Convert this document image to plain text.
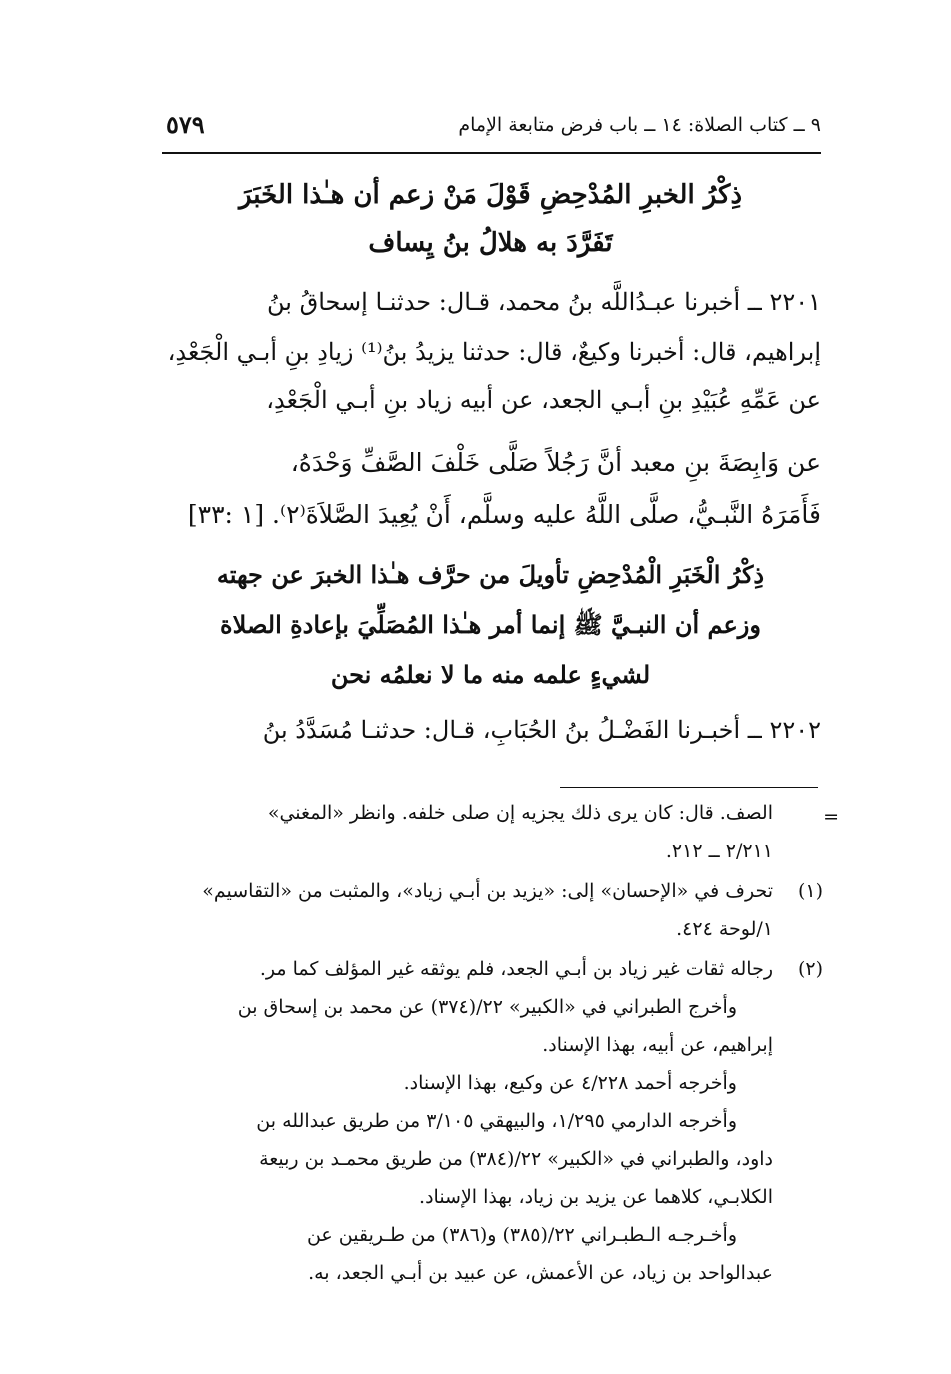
٩ ــ كتاب الصلاة: ١٤ ــ باب فرض متابعة الإمام
٥٧٩
ذِكْرُ الخبرِ المُدْحِضِ قَوْلَ مَنْ زعم أن هـٰذا الخَبَرَ
تَفَرَّدَ به هلالُ بنُ يِساف
٢٢٠١ ــ أخبرنا عبـدُاللَّه بنُ محمد، قـال: حدثنـا إسحاقُ بنُ
إبراهيم، قال: أخبرنا وكيعٌ، قال: حدثنا يزيدُ بنُ⁽¹⁾ زيادِ بنِ أبـي الْجَعْدِ،
عن عَمِّهِ عُبَيْدِ بنِ أبـي الجعد، عن أبيه زياد بنِ أبـي الْجَعْدِ،
عن وَابِصَةَ بنِ معبد أنَّ رَجُلاً صَلَّى خَلْفَ الصَّفِّ وَحْدَهُ،
فَأَمَرَهُ النَّبـيُّ، صلَّى اللَّهُ عليه وسلَّم، أَنْ يُعِيدَ الصَّلاَةَ⁽٢⁾. [١ :٣٣]
ذِكْرُ الْخَبَرِ الْمُدْحِضِ تأويلَ من حرَّف هـٰذا الخبرَ عن جهته
وزعم أن النبـيَّ ﷺ إنما أمر هـٰذا المُصَلِّيَ بإعادةِ الصلاة
لشيءٍ علمه منه ما لا نعلمُه نحن
٢٢٠٢ ــ أخبـرنا الفَضْـلُ بنُ الحُبَابِ، قـال: حدثنـا مُسَدَّدُ بنُ
=
الصف. قال: كان يرى ذلك يجزيه إن صلى خلفه. وانظر «المغني»
٢/٢١١ ــ ٢١٢.
(١)
تحرف في «الإحسان» إلى: «يزيد بن أبـي زياد»، والمثبت من «التقاسيم»
١/لوحة ٤٢٤.
(٢)
رجاله ثقات غير زياد بن أبـي الجعد، فلم يوثقه غير المؤلف كما مر.
وأخرج الطبراني في «الكبير» ٢٢/(٣٧٤) عن محمد بن إسحاق بن
إبراهيم، عن أبيه، بهذا الإسناد.
وأخرجه أحمد ٤/٢٢٨ عن وكيع، بهذا الإسناد.
وأخرجه الدارمي ١/٢٩٥، والبيهقي ٣/١٠٥ من طريق عبدالله بن
داود، والطبراني في «الكبير» ٢٢/(٣٨٤) من طريق محمـد بن ربيعة
الكلابـي، كلاهما عن يزيد بن زياد، بهذا الإسناد.
وأخـرجـه الـطبـراني ٢٢/(٣٨٥) و(٣٨٦) من طـريقين عن
عبدالواحد بن زياد، عن الأعمش، عن عبيد بن أبـي الجعد، به.
